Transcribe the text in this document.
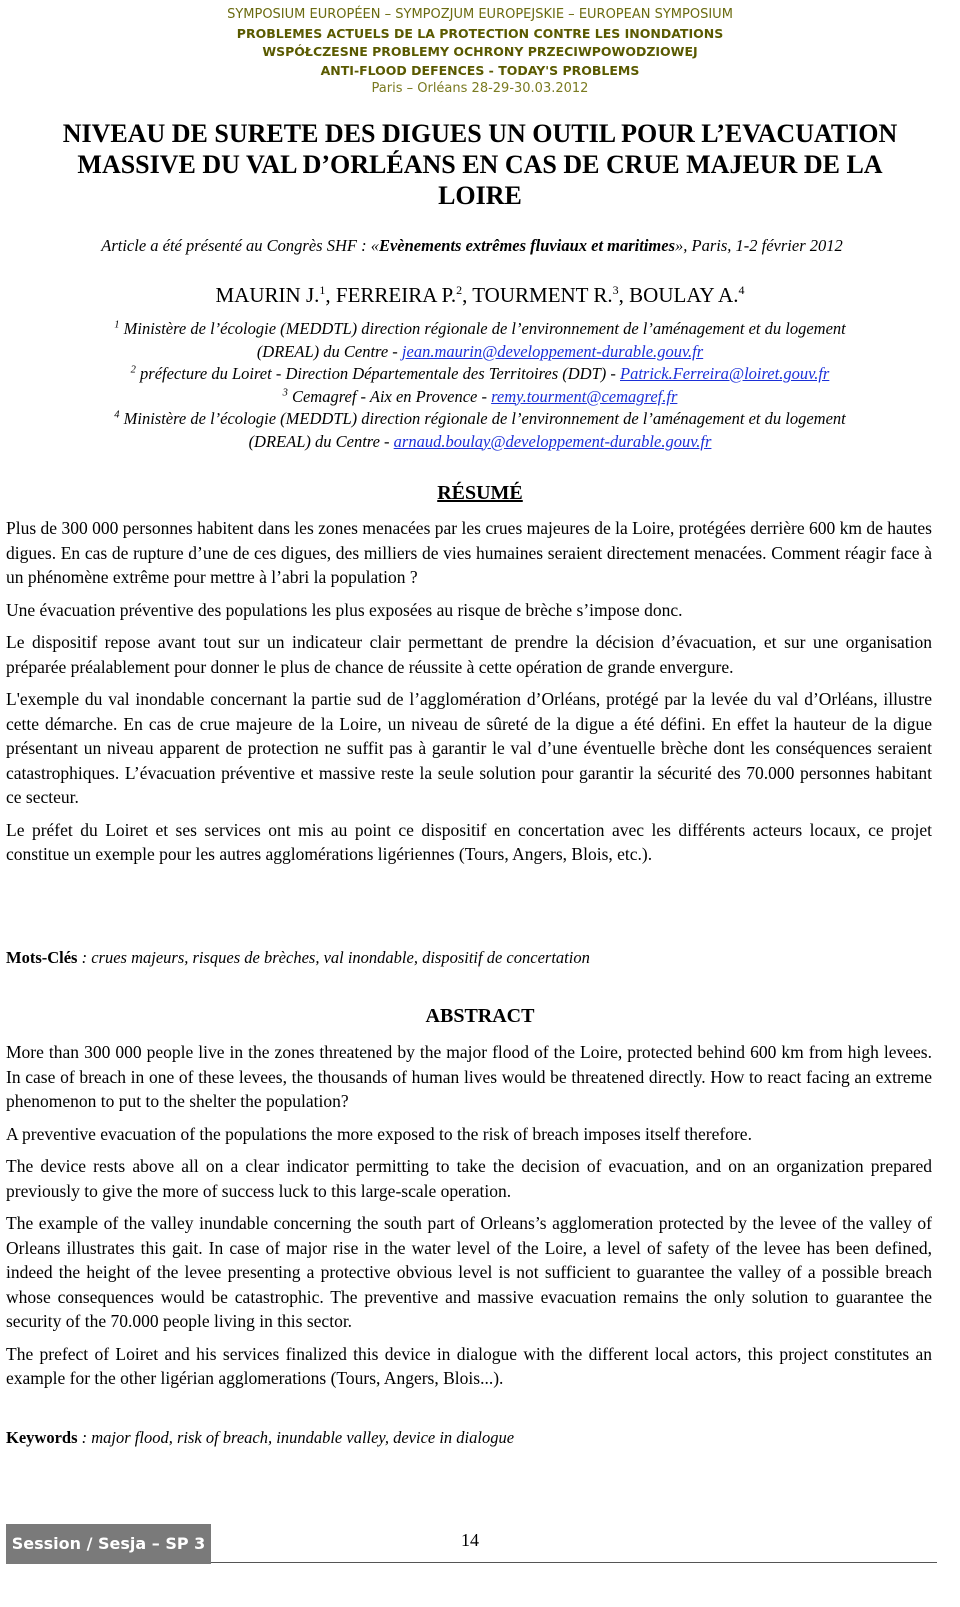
SYMPOSIUM EUROPÉEN – SYMPOZJUM EUROPEJSKIE – EUROPEAN SYMPOSIUM
PROBLEMES ACTUELS DE LA PROTECTION CONTRE LES INONDATIONS
WSPÓŁCZESNE PROBLEMY OCHRONY PRZECIWPOWODZIOWEJ
ANTI-FLOOD DEFENCES - TODAY'S PROBLEMS
Paris – Orléans 28-29-30.03.2012
NIVEAU DE SURETE DES DIGUES UN OUTIL POUR L’EVACUATION
MASSIVE DU VAL D’ORLÉANS EN CAS DE CRUE MAJEUR DE LA
LOIRE
Article a été présenté au Congrès SHF : «Evènements extrêmes fluviaux et maritimes», Paris, 1-2 février 2012
MAURIN J.$^1$, FERREIRA P.$^2$, TOURMENT R.$^3$, BOULAY A.$^4$
$^1$ Ministère de l’écologie (MEDDTL) direction régionale de l’environnement de l’aménagement et du logement
(DREAL) du Centre - jean.maurin@developpement-durable.gouv.fr
$^2$ préfecture du Loiret - Direction Départementale des Territoires (DDT) - Patrick.Ferreira@loiret.gouv.fr
$^3$ Cemagref - Aix en Provence - remy.tourment@cemagref.fr
$^4$ Ministère de l’écologie (MEDDTL) direction régionale de l’environnement de l’aménagement et du logement
(DREAL) du Centre - arnaud.boulay@developpement-durable.gouv.fr
RÉSUMÉ

Plus de 300 000 personnes habitent dans les zones menacées par les crues majeures de la Loire, protégées derrière 600 km de hautes digues. En cas de rupture d’une de ces digues, des milliers de vies humaines seraient directement menacées. Comment réagir face à un phénomène extrême pour mettre à l’abri la population ?

Une évacuation préventive des populations les plus exposées au risque de brèche s’impose donc.

Le dispositif repose avant tout sur un indicateur clair permettant de prendre la décision d’évacuation, et sur une organisation préparée préalablement pour donner le plus de chance de réussite à cette opération de grande envergure.

L'exemple du val inondable concernant la partie sud de l’agglomération d’Orléans, protégé par la levée du val d’Orléans, illustre cette démarche. En cas de crue majeure de la Loire, un niveau de sûreté de la digue a été défini. En effet la hauteur de la digue présentant un niveau apparent de protection ne suffit pas à garantir le val d’une éventuelle brèche dont les conséquences seraient catastrophiques. L’évacuation préventive et massive reste la seule solution pour garantir la sécurité des 70.000 personnes habitant ce secteur.

Le préfet du Loiret et ses services ont mis au point ce dispositif en concertation avec les différents acteurs locaux, ce projet constitue un exemple pour les autres agglomérations ligériennes (Tours, Angers, Blois, etc.).

Mots-Clés : crues majeurs, risques de brèches, val inondable, dispositif de concertation
ABSTRACT

More than 300 000 people live in the zones threatened by the major flood of the Loire, protected behind 600 km from high levees. In case of breach in one of these levees, the thousands of human lives would be threatened directly. How to react facing an extreme phenomenon to put to the shelter the population?

A preventive evacuation of the populations the more exposed to the risk of breach imposes itself therefore.

The device rests above all on a clear indicator permitting to take the decision of evacuation, and on an organization prepared previously to give the more of success luck to this large-scale operation.

The example of the valley inundable concerning the south part of Orleans’s agglomeration protected by the levee of the valley of Orleans illustrates this gait. In case of major rise in the water level of the Loire, a level of safety of the levee has been defined, indeed the height of the levee presenting a protective obvious level is not sufficient to guarantee the valley of a possible breach whose consequences would be catastrophic. The preventive and massive evacuation remains the only solution to guarantee the security of the 70.000 people living in this sector.

The prefect of Loiret and his services finalized this device in dialogue with the different local actors, this project constitutes an example for the other ligérian agglomerations (Tours, Angers, Blois...).

Keywords : major flood, risk of breach, inundable valley, device in dialogue
Session / Sesja – SP 3	14
